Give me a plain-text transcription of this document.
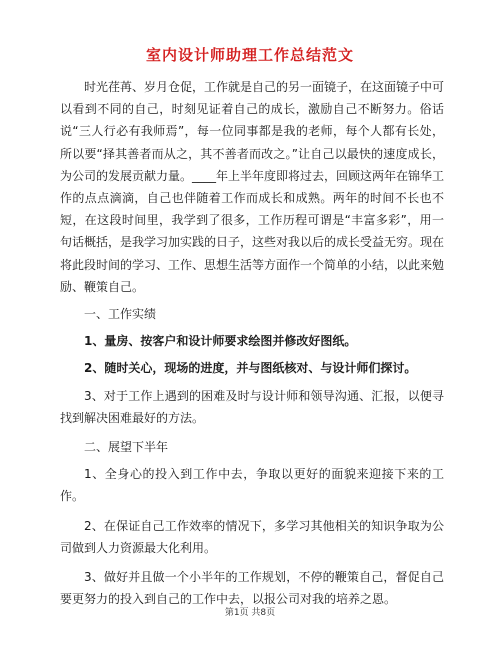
室内设计师助理工作总结范文

时光荏苒、岁月仓促，工作就是自己的另一面镜子，在这面镜子中可以看到不同的自己，时刻见证着自己的成长，激励自己不断努力。俗话说“三人行必有我师焉”，每一位同事都是我的老师，每个人都有长处，所以要“择其善者而从之，其不善者而改之。”让自己以最快的速度成长，为公司的发展贡献力量。____年上半年度即将过去，回顾这两年在锦华工作的点点滴滴，自己也伴随着工作而成长和成熟。两年的时间不长也不短，在这段时间里，我学到了很多，工作历程可谓是“丰富多彩”，用一句话概括，是我学习加实践的日子，这些对我以后的成长受益无穷。现在将此段时间的学习、工作、思想生活等方面作一个简单的小结，以此来勉励、鞭策自己。

一、工作实绩

1、量房、按客户和设计师要求绘图并修改好图纸。

2、随时关心，现场的进度，并与图纸核对、与设计师们探讨。

3、对于工作上遇到的困难及时与设计师和领导沟通、汇报，以便寻找到解决困难最好的方法。

二、展望下半年

1、全身心的投入到工作中去，争取以更好的面貌来迎接下来的工作。

2、在保证自己工作效率的情况下，多学习其他相关的知识争取为公司做到人力资源最大化利用。

3、做好并且做一个小半年的工作规划，不停的鞭策自己，督促自己要更努力的投入到自己的工作中去，以报公司对我的培养之恩。

第1页 共8页
